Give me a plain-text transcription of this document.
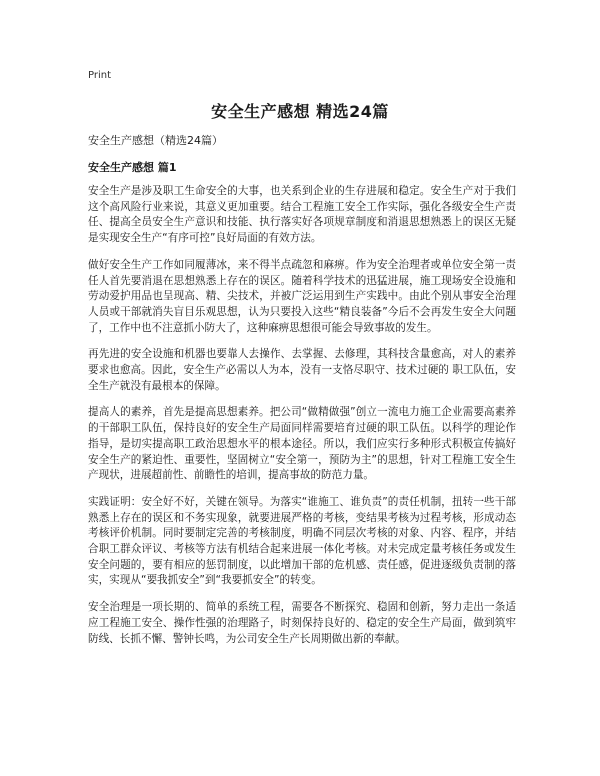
Print
安全生产感想 精选24篇
安全生产感想（精选24篇）
安全生产感想 篇1

安全生产是涉及职工生命安全的大事，也关系到企业的生存进展和稳定。安全生产对于我们这个高风险行业来说，其意义更加重要。结合工程施工安全工作实际，强化各级安全生产责任、提高全员安全生产意识和技能、执行落实好各项规章制度和消退思想熟悉上的误区无疑是实现安全生产“有序可控”良好局面的有效方法。

做好安全生产工作如同履薄冰，来不得半点疏忽和麻痹。作为安全治理者或单位安全第一责任人首先要消退在思想熟悉上存在的误区。随着科学技术的迅猛进展，施工现场安全设施和劳动爱护用品也呈现高、精、尖技术，并被广泛运用到生产实践中。由此个别从事安全治理人员或干部就消失盲目乐观思想，认为只要投入这些“精良装备”今后不会再发生安全大问题了，工作中也不注意抓小防大了，这种麻痹思想很可能会导致事故的发生。

再先进的安全设施和机器也要靠人去操作、去掌握、去修理，其科技含量愈高，对人的素养要求也愈高。因此，安全生产必需以人为本，没有一支恪尽职守、技术过硬的 职工队伍，安全生产就没有最根本的保障。

提高人的素养，首先是提高思想素养。把公司“做精做强”创立一流电力施工企业需要高素养的干部职工队伍，保持良好的安全生产局面同样需要培育过硬的职工队伍。以科学的理论作指导，是切实提高职工政治思想水平的根本途径。所以，我们应实行多种形式积极宣传搞好安全生产的紧迫性、重要性，坚固树立“安全第一，预防为主”的思想，针对工程施工安全生产现状，进展超前性、前瞻性的培训，提高事故的防范力量。

实践证明：安全好不好，关键在领导。为落实“谁施工、谁负责”的责任机制，扭转一些干部熟悉上存在的误区和不务实现象，就要进展严格的考核，变结果考核为过程考核，形成动态考核评价机制。同时要制定完善的考核制度，明确不同层次考核的对象、内容、程序，并结合职工群众评议、考核等方法有机结合起来进展一体化考核。对未完成定量考核任务或发生安全问题的，要有相应的惩罚制度，以此增加干部的危机感、责任感，促进逐级负责制的落实，实现从“要我抓安全”到“我要抓安全”的转变。

安全治理是一项长期的、简单的系统工程，需要各不断探究、稳固和创新，努力走出一条适应工程施工安全、操作性强的治理路子，时刻保持良好的、稳定的安全生产局面，做到筑牢防线、长抓不懈、警钟长鸣，为公司安全生产长周期做出新的奉献。
